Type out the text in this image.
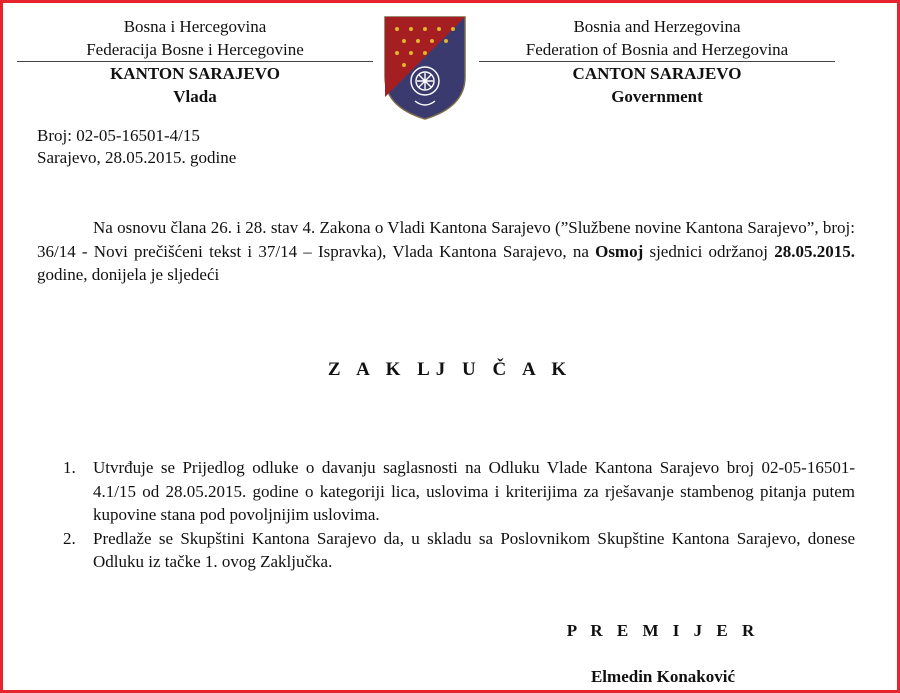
Bosna i Hercegovina
Federacija Bosne i Hercegovine
KANTON SARAJEVO
Vlada
Bosnia and Herzegovina
Federation of Bosnia and Herzegovina
CANTON SARAJEVO
Government
Broj: 02-05-16501-4/15
Sarajevo, 28.05.2015. godine
Na osnovu člana 26. i 28. stav 4. Zakona o Vladi Kantona Sarajevo (”Službene novine Kantona Sarajevo”, broj: 36/14 - Novi prečišćeni tekst i 37/14 – Ispravka), Vlada Kantona Sarajevo, na Osmoj sjednici održanoj 28.05.2015. godine, donijela je sljedeći
Z A K LJ U Č A K
1.	Utvrđuje se Prijedlog odluke o davanju saglasnosti na Odluku Vlade Kantona Sarajevo broj 02-05-16501-4.1/15 od 28.05.2015. godine o kategoriji lica, uslovima i kriterijima za rješavanje stambenog pitanja putem kupovine stana pod povoljnijim uslovima.
2.	Predlaže se Skupštini Kantona Sarajevo da, u skladu sa Poslovnikom Skupštine Kantona Sarajevo, donese Odluku iz tačke 1. ovog Zaključka.
P R E M I J E R
Elmedin Konaković
